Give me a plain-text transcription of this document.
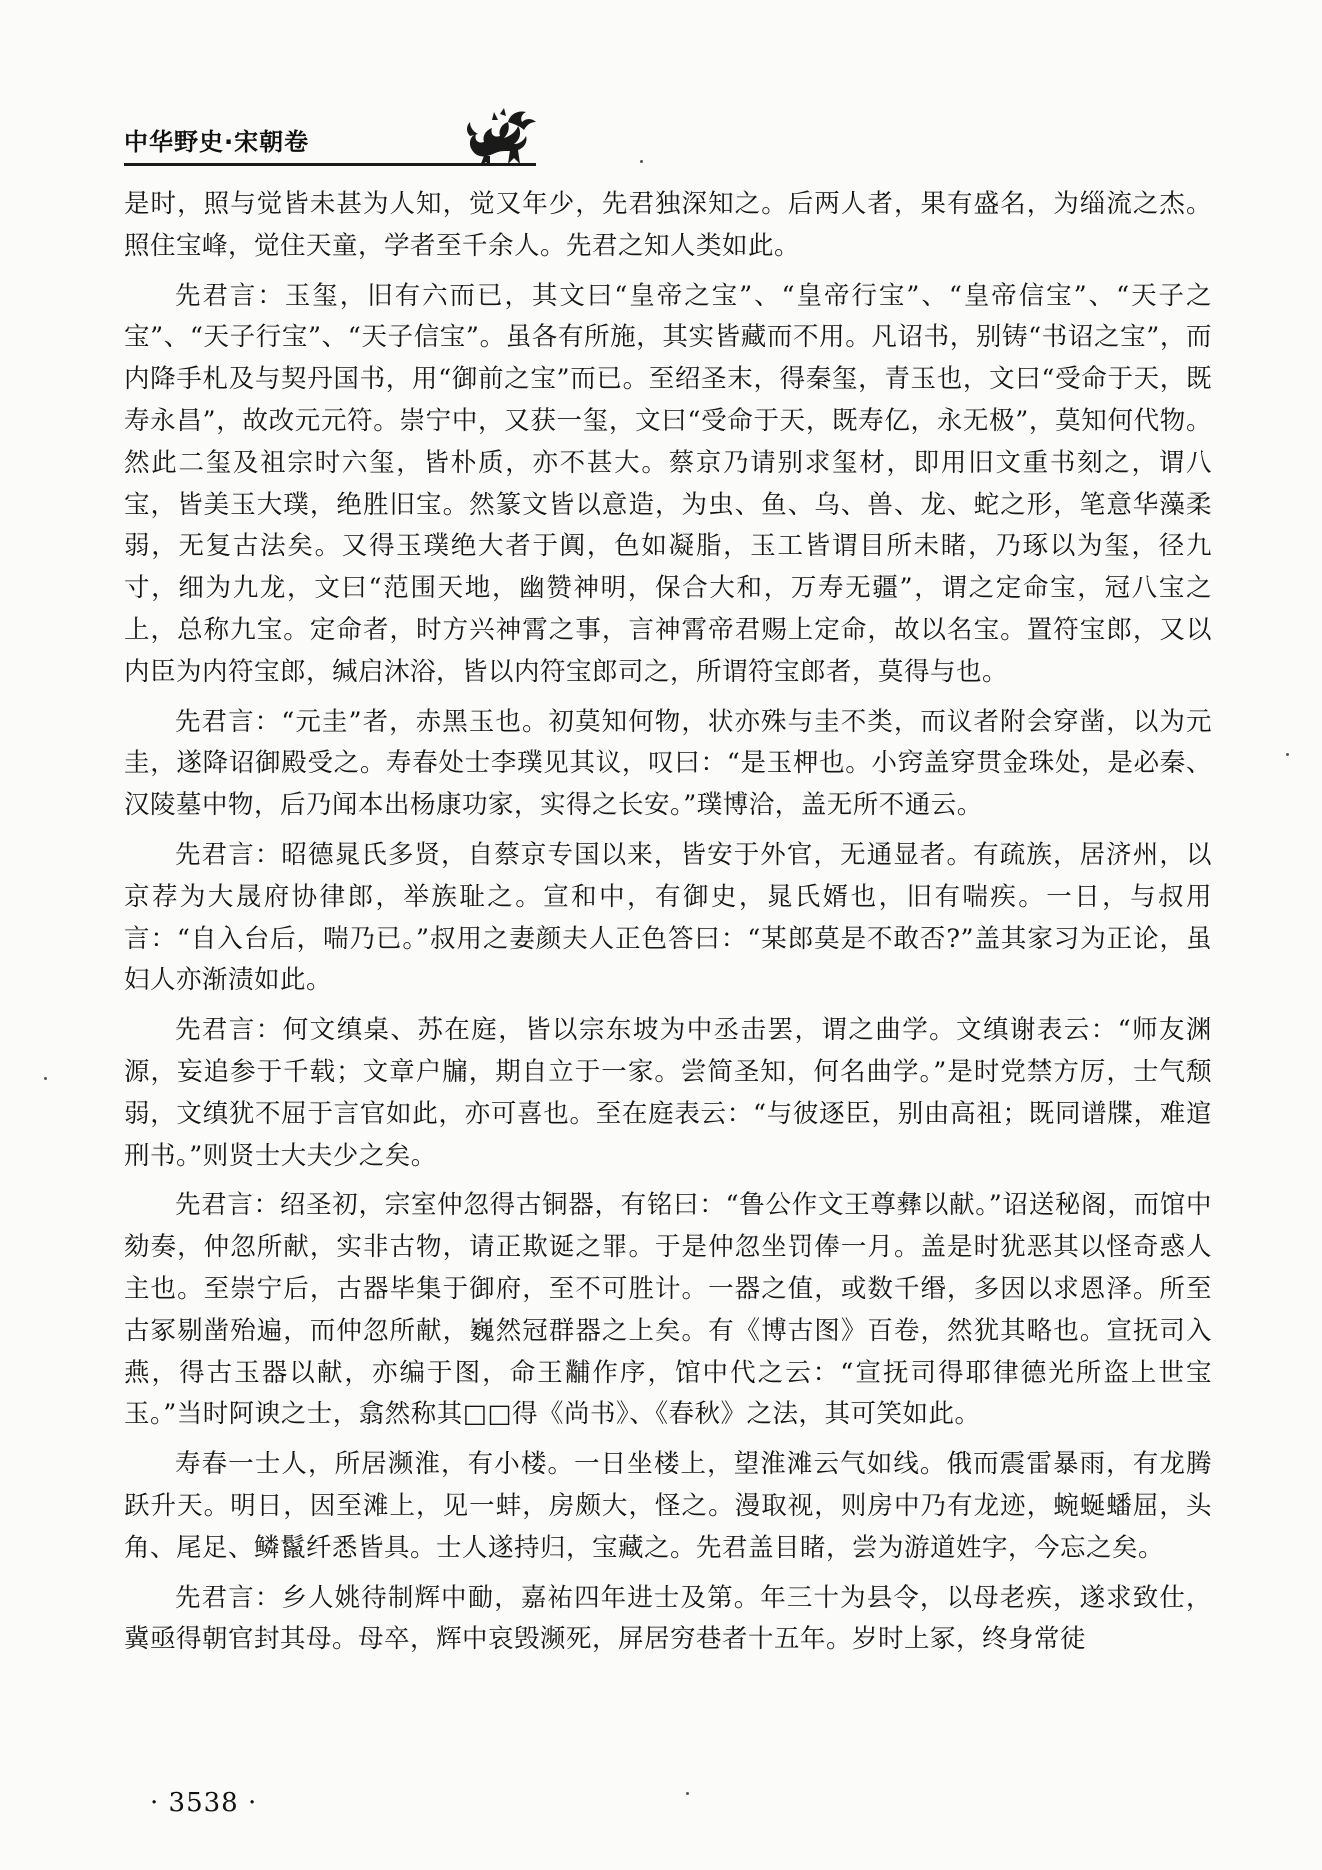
中华野史·宋朝卷

是时，照与觉皆未甚为人知，觉又年少，先君独深知之。后两人者，果有盛名，为缁流之杰。照住宝峰，觉住天童，学者至千余人。先君之知人类如此。

先君言：玉玺，旧有六而已，其文曰“皇帝之宝”、“皇帝行宝”、“皇帝信宝”、“天子之宝”、“天子行宝”、“天子信宝”。虽各有所施，其实皆藏而不用。凡诏书，别铸“书诏之宝”，而内降手札及与契丹国书，用“御前之宝”而已。至绍圣末，得秦玺，青玉也，文曰“受命于天，既寿永昌”，故改元元符。崇宁中，又获一玺，文曰“受命于天，既寿亿，永无极”，莫知何代物。然此二玺及祖宗时六玺，皆朴质，亦不甚大。蔡京乃请别求玺材，即用旧文重书刻之，谓八宝，皆美玉大璞，绝胜旧宝。然篆文皆以意造，为虫、鱼、乌、兽、龙、蛇之形，笔意华藻柔弱，无复古法矣。又得玉璞绝大者于阗，色如凝脂，玉工皆谓目所未睹，乃琢以为玺，径九寸，细为九龙，文曰“范围天地，幽赞神明，保合大和，万寿无疆”，谓之定命宝，冠八宝之上，总称九宝。定命者，时方兴神霄之事，言神霄帝君赐上定命，故以名宝。置符宝郎，又以内臣为内符宝郎，缄启沐浴，皆以内符宝郎司之，所谓符宝郎者，莫得与也。

先君言：“元圭”者，赤黑玉也。初莫知何物，状亦殊与圭不类，而议者附会穿凿，以为元圭，遂降诏御殿受之。寿春处士李璞见其议，叹曰：“是玉柙也。小窍盖穿贯金珠处，是必秦、汉陵墓中物，后乃闻本出杨康功家，实得之长安。”璞博洽，盖无所不通云。

先君言：昭德晁氏多贤，自蔡京专国以来，皆安于外官，无通显者。有疏族，居济州，以京荐为大晟府协律郎，举族耻之。宣和中，有御史，晁氏婿也，旧有喘疾。一日，与叔用言：“自入台后，喘乃已。”叔用之妻颜夫人正色答曰：“某郎莫是不敢否?”盖其家习为正论，虽妇人亦渐渍如此。

先君言：何文缜桌、苏在庭，皆以宗东坡为中丞击罢，谓之曲学。文缜谢表云：“师友渊源，妄追参于千载；文章户牖，期自立于一家。尝简圣知，何名曲学。”是时党禁方厉，士气颓弱，文缜犹不屈于言官如此，亦可喜也。至在庭表云：“与彼逐臣，别由高祖；既同谱牒，难逭刑书。”则贤士大夫少之矣。

先君言：绍圣初，宗室仲忽得古铜器，有铭曰：“鲁公作文王尊彝以献。”诏送秘阁，而馆中劾奏，仲忽所献，实非古物，请正欺诞之罪。于是仲忽坐罚俸一月。盖是时犹恶其以怪奇惑人主也。至崇宁后，古器毕集于御府，至不可胜计。一器之值，或数千缗，多因以求恩泽。所至古冢剔凿殆遍，而仲忽所献，巍然冠群器之上矣。有《博古图》百卷，然犹其略也。宣抚司入燕，得古玉器以献，亦编于图，命王黼作序，馆中代之云：“宣抚司得耶律德光所盗上世宝玉。”当时阿谀之士，翕然称其□□得《尚书》、《春秋》之法，其可笑如此。

寿春一士人，所居濒淮，有小楼。一日坐楼上，望淮滩云气如线。俄而震雷暴雨，有龙腾跃升天。明日，因至滩上，见一蚌，房颇大，怪之。漫取视，则房中乃有龙迹，蜿蜒蟠屈，头角、尾足、鳞鬣纤悉皆具。士人遂持归，宝藏之。先君盖目睹，尝为游道姓字，今忘之矣。

先君言：乡人姚待制辉中勔，嘉祐四年进士及第。年三十为县令，以母老疾，遂求致仕，冀亟得朝官封其母。母卒，辉中哀毁濒死，屏居穷巷者十五年。岁时上冢，终身常徒

· 3538 ·
